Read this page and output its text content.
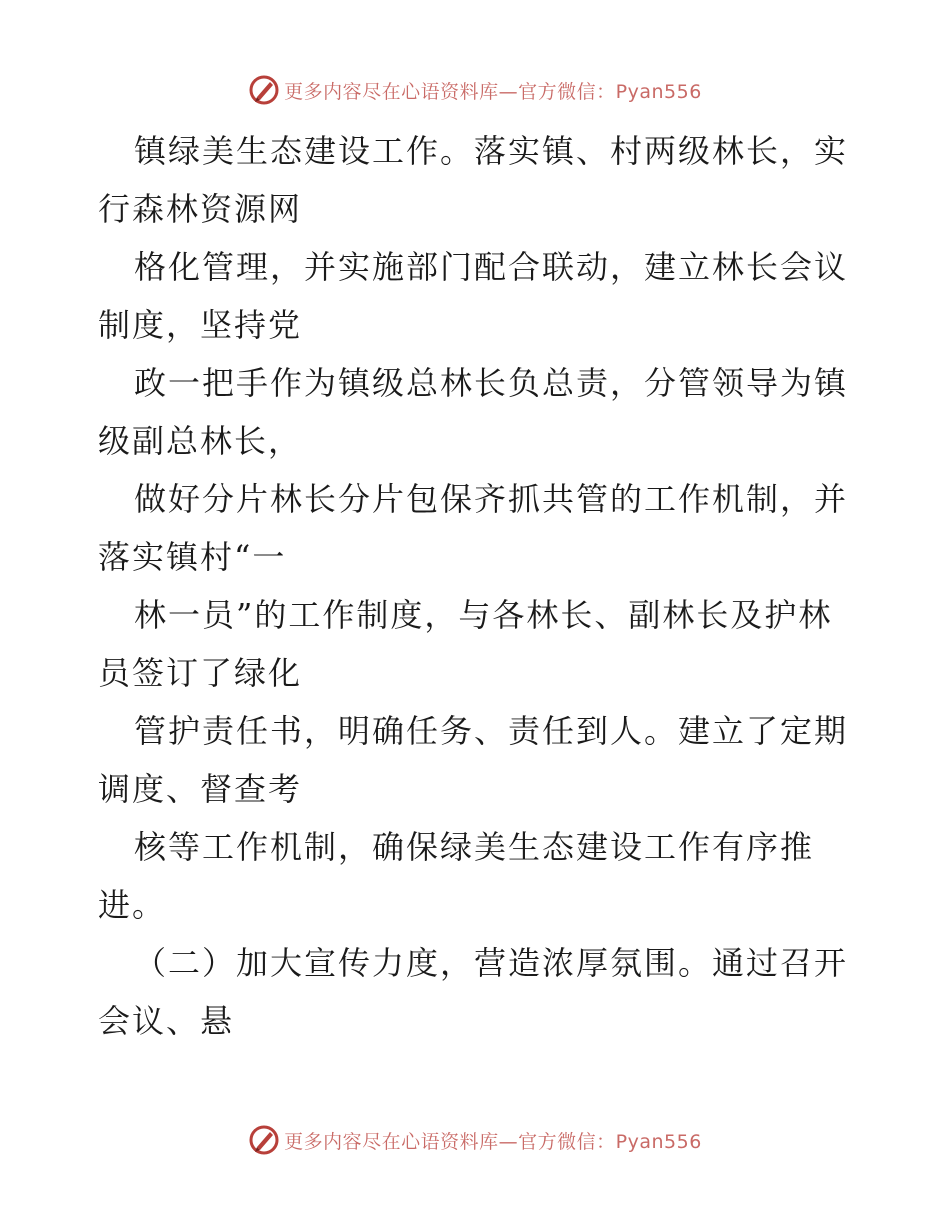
更多内容尽在心语资料库—官方微信：Pyan556
镇绿美生态建设工作。落实镇、村两级林长，实
行森林资源网
格化管理，并实施部门配合联动，建立林长会议
制度，坚持党
政一把手作为镇级总林长负总责，分管领导为镇
级副总林长，
做好分片林长分片包保齐抓共管的工作机制，并
落实镇村“一
林一员”的工作制度，与各林长、副林长及护林
员签订了绿化
管护责任书，明确任务、责任到人。建立了定期
调度、督查考
核等工作机制，确保绿美生态建设工作有序推
进。
（二）加大宣传力度，营造浓厚氛围。通过召开
会议、悬
更多内容尽在心语资料库—官方微信：Pyan556
